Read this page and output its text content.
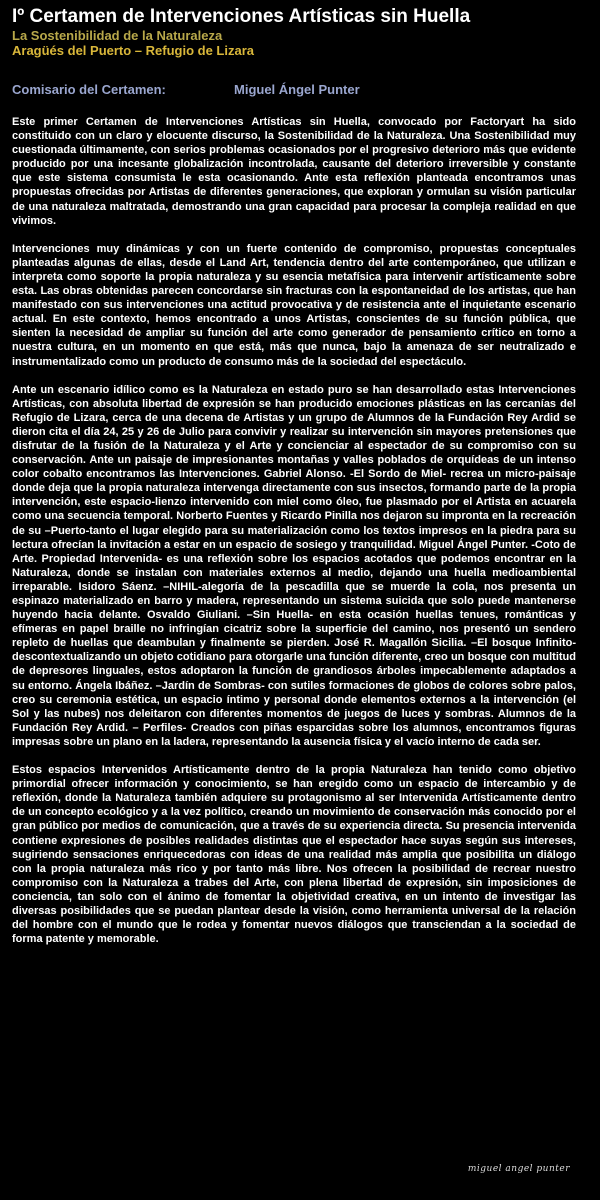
Iº Certamen de Intervenciones Artísticas sin Huella
La Sostenibilidad de la Naturaleza
Aragüés del Puerto – Refugio de Lizara
Comisario del Certamen:	Miguel Ángel Punter

Este primer Certamen de Intervenciones Artísticas sin Huella, convocado por Factoryart ha sido constituido con un claro y elocuente discurso, la Sostenibilidad de la Naturaleza. Una Sostenibilidad muy cuestionada últimamente, con serios problemas ocasionados por el progresivo deterioro más que evidente producido por una incesante globalización incontrolada, causante del deterioro irreversible y constante que este sistema consumista le esta ocasionando. Ante esta reflexión planteada encontramos unas propuestas ofrecidas por Artistas de diferentes generaciones, que exploran y ormulan su visión particular de una naturaleza maltratada, demostrando una gran capacidad para procesar la compleja realidad en que vivimos.

Intervenciones muy dinámicas y con un fuerte contenido de compromiso, propuestas conceptuales planteadas algunas de ellas, desde el Land Art, tendencia dentro del arte contemporáneo, que utilizan e interpreta como soporte la propia naturaleza y su esencia metafísica para intervenir artísticamente sobre esta. Las obras obtenidas parecen concordarse sin fracturas con la espontaneidad de los artistas, que han manifestado con sus intervenciones una actitud provocativa y de resistencia ante el inquietante escenario actual. En este contexto, hemos encontrado a unos Artistas, conscientes de su función pública, que sienten la necesidad de ampliar su función del arte como generador de pensamiento crítico en torno a nuestra cultura, en un momento en que está, más que nunca, bajo la amenaza de ser neutralizado e instrumentalizado como un producto de consumo más de la sociedad del espectáculo.

Ante un escenario idílico como es la Naturaleza en estado puro se han desarrollado estas Intervenciones Artísticas, con absoluta libertad de expresión se han producido emociones plásticas en las cercanías del Refugio de Lizara, cerca de una decena de Artistas y un grupo de Alumnos de la Fundación Rey Ardid se dieron cita el día 24, 25 y 26 de Julio para convivir y realizar su intervención sin mayores pretensiones que disfrutar de la fusión de la Naturaleza y el Arte y concienciar al espectador de su compromiso con su conservación. Ante un paisaje de impresionantes montañas y valles poblados de orquídeas de un intenso color cobalto encontramos las Intervenciones. Gabriel Alonso. -El Sordo de Miel- recrea un micro-paisaje donde deja que la propia naturaleza intervenga directamente con sus insectos, formando parte de la propia intervención, este espacio-lienzo intervenido con miel como óleo, fue plasmado por el Artista en acuarela como una secuencia temporal. Norberto Fuentes y Ricardo Pinilla nos dejaron su impronta en la recreación de su –Puerto-tanto el lugar elegido para su materialización como los textos impresos en la piedra para su lectura ofrecían la invitación a estar en un espacio de sosiego y tranquilidad. Miguel Ángel Punter. -Coto de Arte. Propiedad Intervenida- es una reflexión sobre los espacios acotados que podemos encontrar en la Naturaleza, donde se instalan con materiales externos al medio, dejando una huella medioambiental irreparable. Isidoro Sáenz. –NIHIL-alegoría de la pescadilla que se muerde la cola, nos presenta un espinazo materializado en barro y madera, representando un sistema suicida que solo puede mantenerse huyendo hacia delante. Osvaldo Giuliani. –Sin Huella- en esta ocasión huellas tenues, románticas y efímeras en papel braille no infringían cicatriz sobre la superficie del camino, nos presentó un sendero repleto de huellas que deambulan y finalmente se pierden. José R. Magallón Sicilia. –El bosque Infinito- descontextualizando un objeto cotidiano para otorgarle una función diferente, creo un bosque con multitud de depresores linguales, estos adoptaron la función de grandiosos árboles impecablemente adaptados a su entorno. Ángela Ibáñez. –Jardín de Sombras- con sutiles formaciones de globos de colores sobre palos, creo su ceremonia estética, un espacio íntimo y personal donde elementos externos a la intervención (el Sol y las nubes) nos deleitaron con diferentes momentos de juegos de luces y sombras. Alumnos de la Fundación Rey Ardid. – Perfiles- Creados con piñas esparcidas sobre los alumnos, encontramos figuras impresas sobre un plano en la ladera, representando la ausencia física y el vacío interno de cada ser.

Estos espacios Intervenidos Artísticamente dentro de la propia Naturaleza han tenido como objetivo primordial ofrecer información y conocimiento, se han eregido como un espacio de intercambio y de reflexión, donde la Naturaleza también adquiere su protagonismo al ser Intervenida Artísticamente dentro de un concepto ecológico y a la vez político, creando un movimiento de conservación más conocido por el gran público por medios de comunicación, que a través de su experiencia directa. Su presencia intervenida contiene expresiones de posibles realidades distintas que el espectador hace suyas según sus intereses, sugiriendo sensaciones enriquecedoras con ideas de una realidad más amplia que posibilita un diálogo con la propia naturaleza más rico y por tanto más libre. Nos ofrecen la posibilidad de recrear nuestro compromiso con la Naturaleza a trabes del Arte, con plena libertad de expresión, sin imposiciones de conciencia, tan solo con el ánimo de fomentar la objetividad creativa, en un intento de investigar las diversas posibilidades que se puedan plantear desde la visión, como herramienta universal de la relación del hombre con el mundo que le rodea y fomentar nuevos diálogos que transciendan a la sociedad de forma patente y memorable.

miguel angel punter
